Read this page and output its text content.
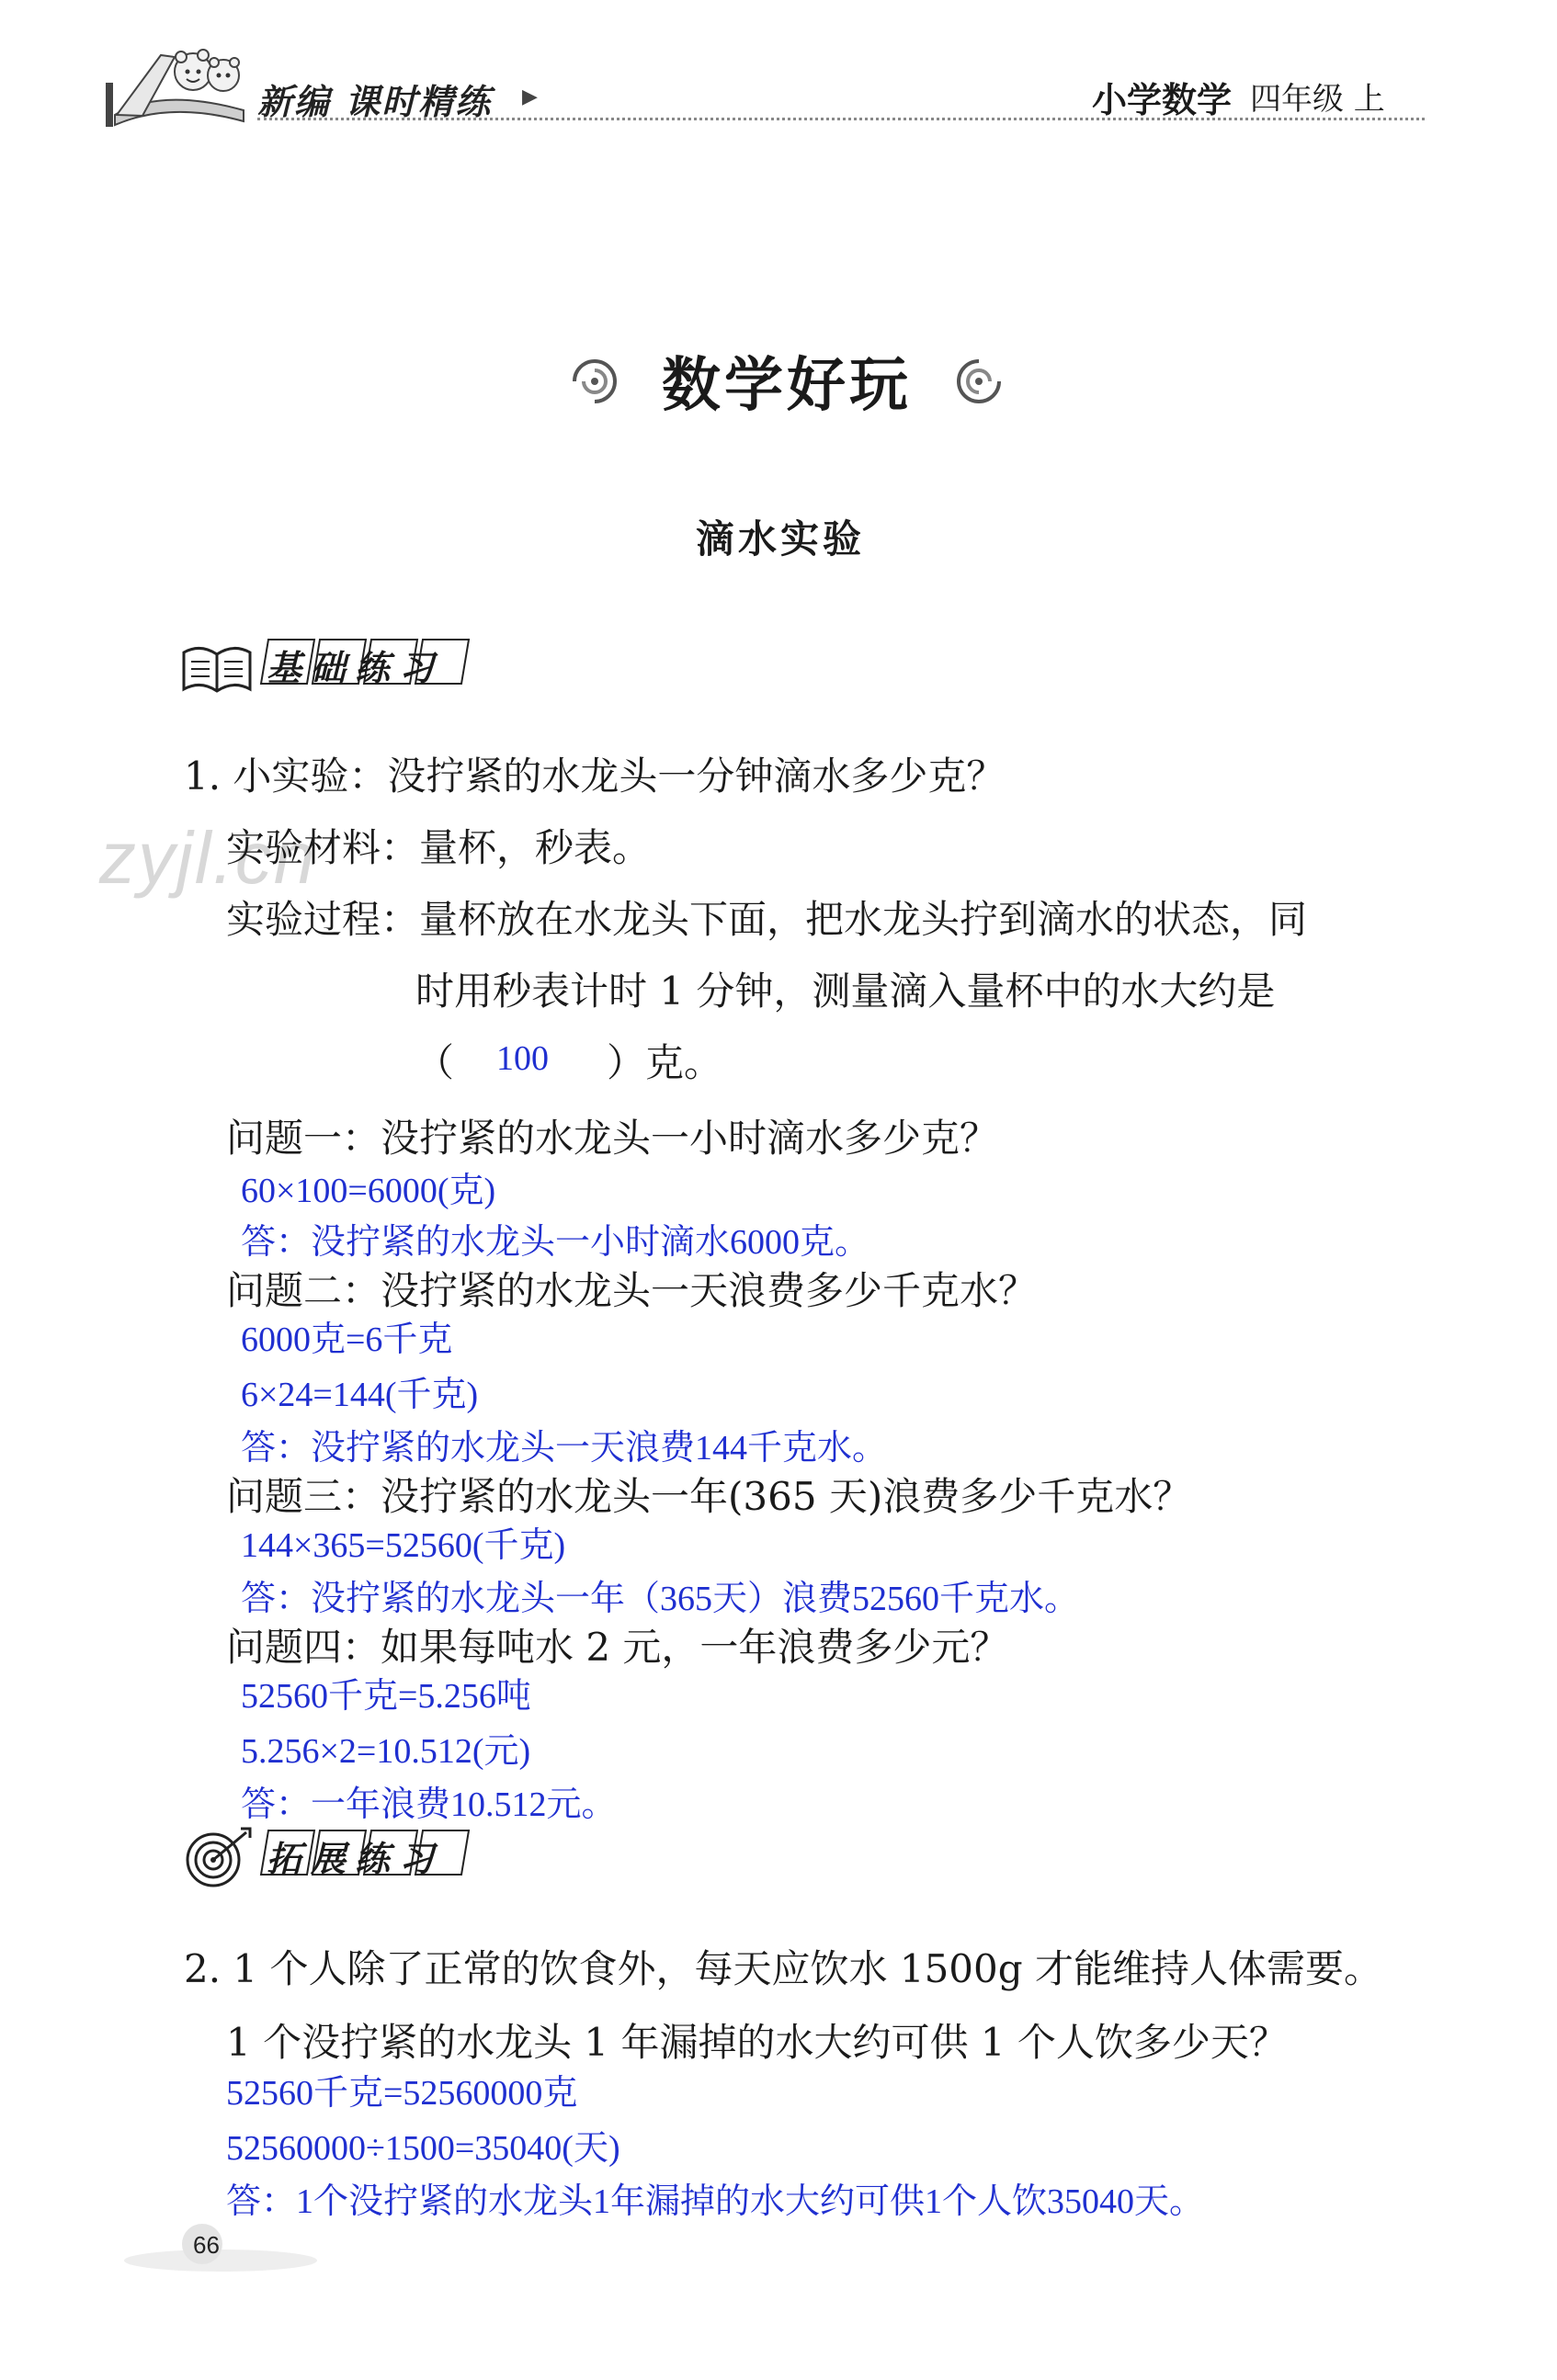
新编 课时精练 ▶	小学数学 四年级 上
数学好玩
滴水实验
基础练习
zyjl.cn
1. 小实验：没拧紧的水龙头一分钟滴水多少克？
实验材料：量杯，秒表。
实验过程：量杯放在水龙头下面，把水龙头拧到滴水的状态，同
时用秒表计时 1 分钟，测量滴入量杯中的水大约是
（ 100 ）克。
问题一：没拧紧的水龙头一小时滴水多少克？
60×100=6000(克)
答：没拧紧的水龙头一小时滴水6000克。
问题二：没拧紧的水龙头一天浪费多少千克水？
6000克=6千克
6×24=144(千克)
答：没拧紧的水龙头一天浪费144千克水。
问题三：没拧紧的水龙头一年(365 天)浪费多少千克水？
144×365=52560(千克)
答：没拧紧的水龙头一年（365天）浪费52560千克水。
问题四：如果每吨水 2 元，一年浪费多少元？
52560千克=5.256吨
5.256×2=10.512(元)
答：一年浪费10.512元。
拓展练习
2. 1 个人除了正常的饮食外，每天应饮水 1500g 才能维持人体需要。
1 个没拧紧的水龙头 1 年漏掉的水大约可供 1 个人饮多少天？
52560千克=52560000克
52560000÷1500=35040(天)
答：1个没拧紧的水龙头1年漏掉的水大约可供1个人饮35040天。
66
